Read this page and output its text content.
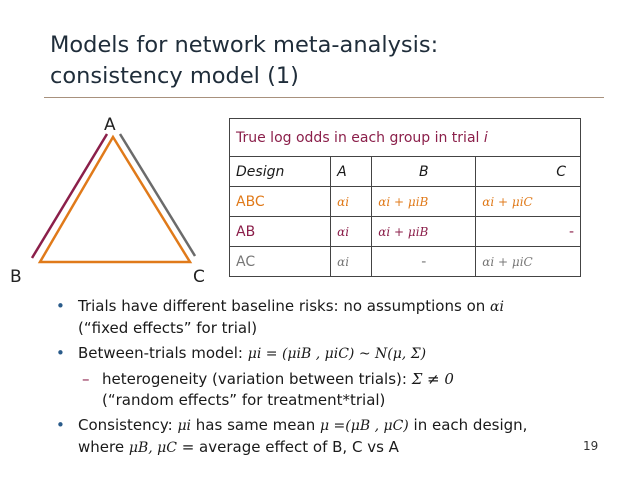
Models for network meta-analysis: consistency model (1)
A
B	C
True log odds in each group in trial i			
Design	A	B	C
ABC	αi	αi + μiB	αi + μiC
AB	αi	αi + μiB	-
AC	αi	-	αi + μiC
• Trials have different baseline risks: no assumptions on αi (“fixed effects” for trial)
• Between-trials model: μi = (μiB , μiC) ~ N(μ, Σ)
– heterogeneity (variation between trials): Σ ≠ 0
(“random effects” for treatment*trial)
• Consistency: μi has same mean μ =(μB , μC) in each design, where μB, μC = average effect of B, C vs A	19
